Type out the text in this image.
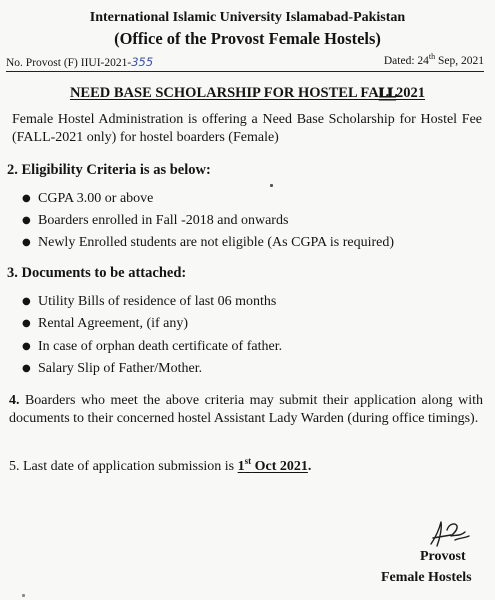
International Islamic University Islamabad-Pakistan
(Office of the Provost Female Hostels)
No. Provost (F) IIUI-2021-355	Dated: 24th Sep, 2021
NEED BASE SCHOLARSHIP FOR HOSTEL FALL2021
Female Hostel Administration is offering a Need Base Scholarship for Hostel Fee (FALL-2021 only) for hostel boarders (Female)
2. Eligibility Criteria is as below:
● CGPA 3.00 or above
● Boarders enrolled in Fall -2018 and onwards
● Newly Enrolled students are not eligible (As CGPA is required)
3. Documents to be attached:
● Utility Bills of residence of last 06 months
● Rental Agreement, (if any)
● In case of orphan death certificate of father.
● Salary Slip of Father/Mother.
4. Boarders who meet the above criteria may submit their application along with documents to their concerned hostel Assistant Lady Warden (during office timings).
5. Last date of application submission is 1st Oct 2021.
Provost
Female Hostels
